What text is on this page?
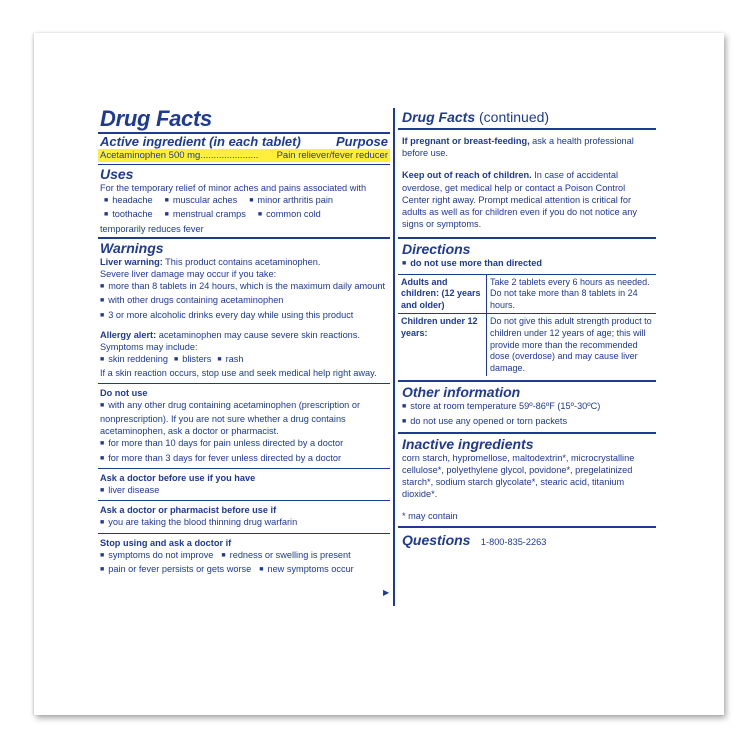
Drug Facts
Active ingredient (in each tablet)	Purpose
Acetaminophen 500 mg...................... Pain reliever/fever reducer
Uses
For the temporary relief of minor aches and pains associated with
■ headache	■ muscular aches	■ minor arthritis pain
■ toothache	■ menstrual cramps	■ common cold
temporarily reduces fever
Warnings
Liver warning: This product contains acetaminophen.
Severe liver damage may occur if you take:
■ more than 8 tablets in 24 hours, which is the maximum daily amount
■ with other drugs containing acetaminophen
■ 3 or more alcoholic drinks every day while using this product
Allergy alert: acetaminophen may cause severe skin reactions.
Symptoms may include:
■ skin reddening	■ blisters	■ rash
If a skin reaction occurs, stop use and seek medical help right away.
Do not use
■ with any other drug containing acetaminophen (prescription or nonprescription). If you are not sure whether a drug contains acetaminophen, ask a doctor or pharmacist.
■ for more than 10 days for pain unless directed by a doctor
■ for more than 3 days for fever unless directed by a doctor
Ask a doctor before use if you have
■ liver disease
Ask a doctor or pharmacist before use if
■ you are taking the blood thinning drug warfarin
Stop using and ask a doctor if
■ symptoms do not improve	■ redness or swelling is present
■ pain or fever persists or gets worse	■ new symptoms occur
▶
Drug Facts (continued)
If pregnant or breast-feeding, ask a health professional before use.
Keep out of reach of children. In case of accidental overdose, get medical help or contact a Poison Control Center right away. Prompt medical attention is critical for adults as well as for children even if you do not notice any signs or symptoms.
Directions
■ do not use more than directed
Adults and children: (12 years and older)	Take 2 tablets every 6 hours as needed. Do not take more than 8 tablets in 24 hours.
Children under 12 years:	Do not give this adult strength product to children under 12 years of age; this will provide more than the recommended dose (overdose) and may cause liver damage.
Other information
■ store at room temperature 59º-86ºF (15º-30ºC)
■ do not use any opened or torn packets
Inactive ingredients
corn starch, hypromellose, maltodextrin*, microcrystalline cellulose*, polyethylene glycol, povidone*, pregelatinized starch*, sodium starch glycolate*, stearic acid, titanium dioxide*.
* may contain
Questions 1-800-835-2263
